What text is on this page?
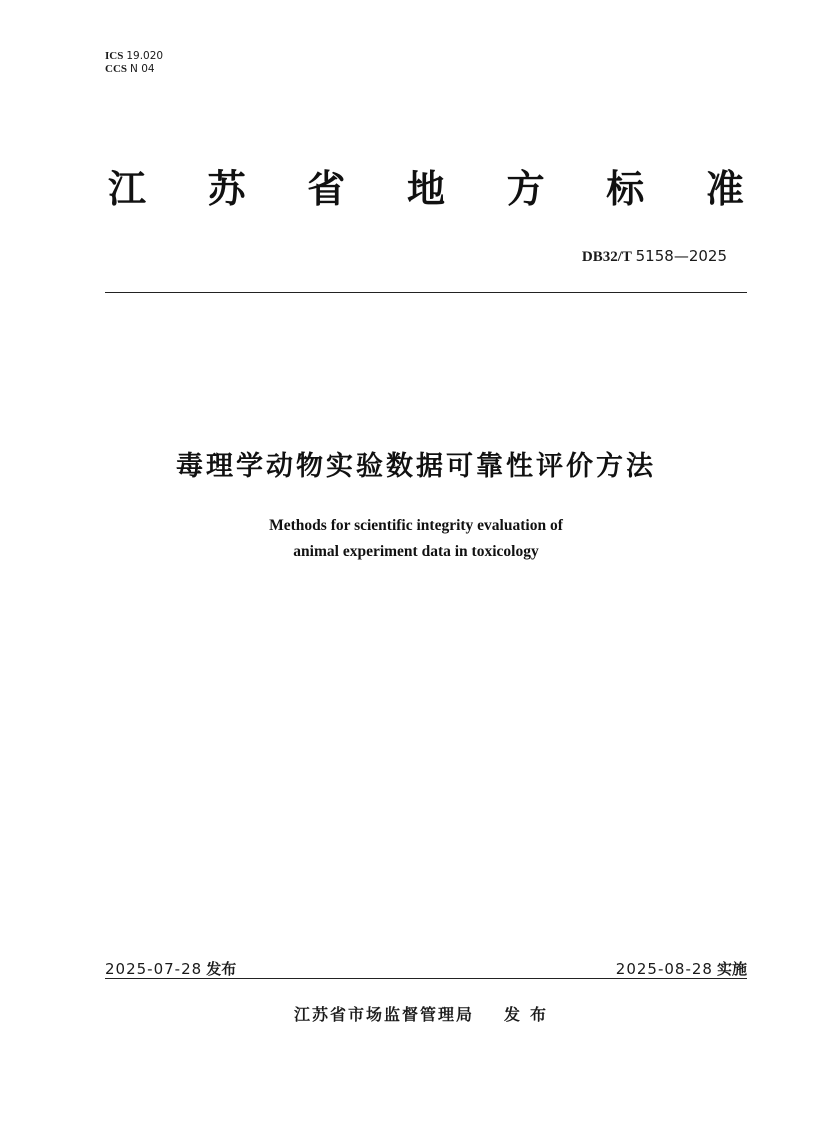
ICS 19.020
CCS N 04
江 苏 省 地 方 标 准
DB32/T 5158—2025
毒理学动物实验数据可靠性评价方法
Methods for scientific integrity evaluation of
animal experiment data in toxicology
2025-07-28 发布	2025-08-28 实施
江苏省市场监督管理局 发布
